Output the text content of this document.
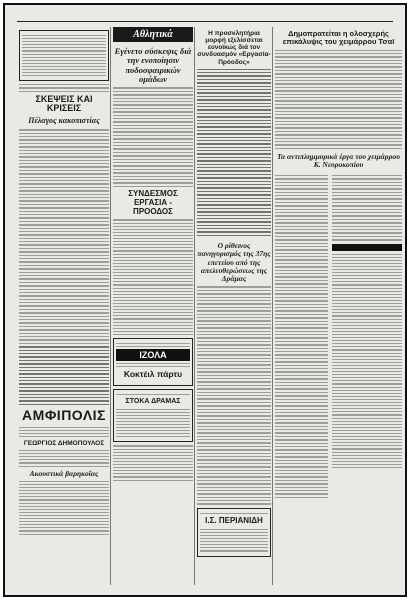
ΣΚΕΨΕΙΣ ΚΑΙ ΚΡΙΣΕΙΣ
Πέλαγος κακοπιστίας
ΑΜΦΙΠΟΛΙΣ
ΓΕΩΡΓΙΟΣ ΔΗΜΟΠΟΥΛΟΣ
Ακουστικά βαρηκοΐας
Αθλητικά
Εγένετο σύσκεψις διά την ενοποίησιν ποδοσφαιρικών ομάδων
ΣΥΝΔΕΣΜΟΣ ΕΡΓΑΣΙΑ - ΠΡΟΟΔΟΣ
ΙΖΟΛΑ
Κοκτέιλ πάρτυ
ΣΤΟΚΑ ΔΡΑΜΑΣ
Η προσκλητήρια μορφή εξελίσσεται ευνοϊκώς διά τον συνδυασμόν «Εργασία-Πρόοδος»
Ο ρίθεινος πανηγυρισμός της 37ης επετείου από της απελευθερώσεως της Δράμας
Ι.Σ. ΠΕΡΙΑΝΙΔΗ
Δημοπρατείται η ολοσχερής επικάλυψις του χειμάρρου Τσαϊ
Τα αντιπλημμυρικά έργα του χειμάρρου Κ. Νευροκοπίου
